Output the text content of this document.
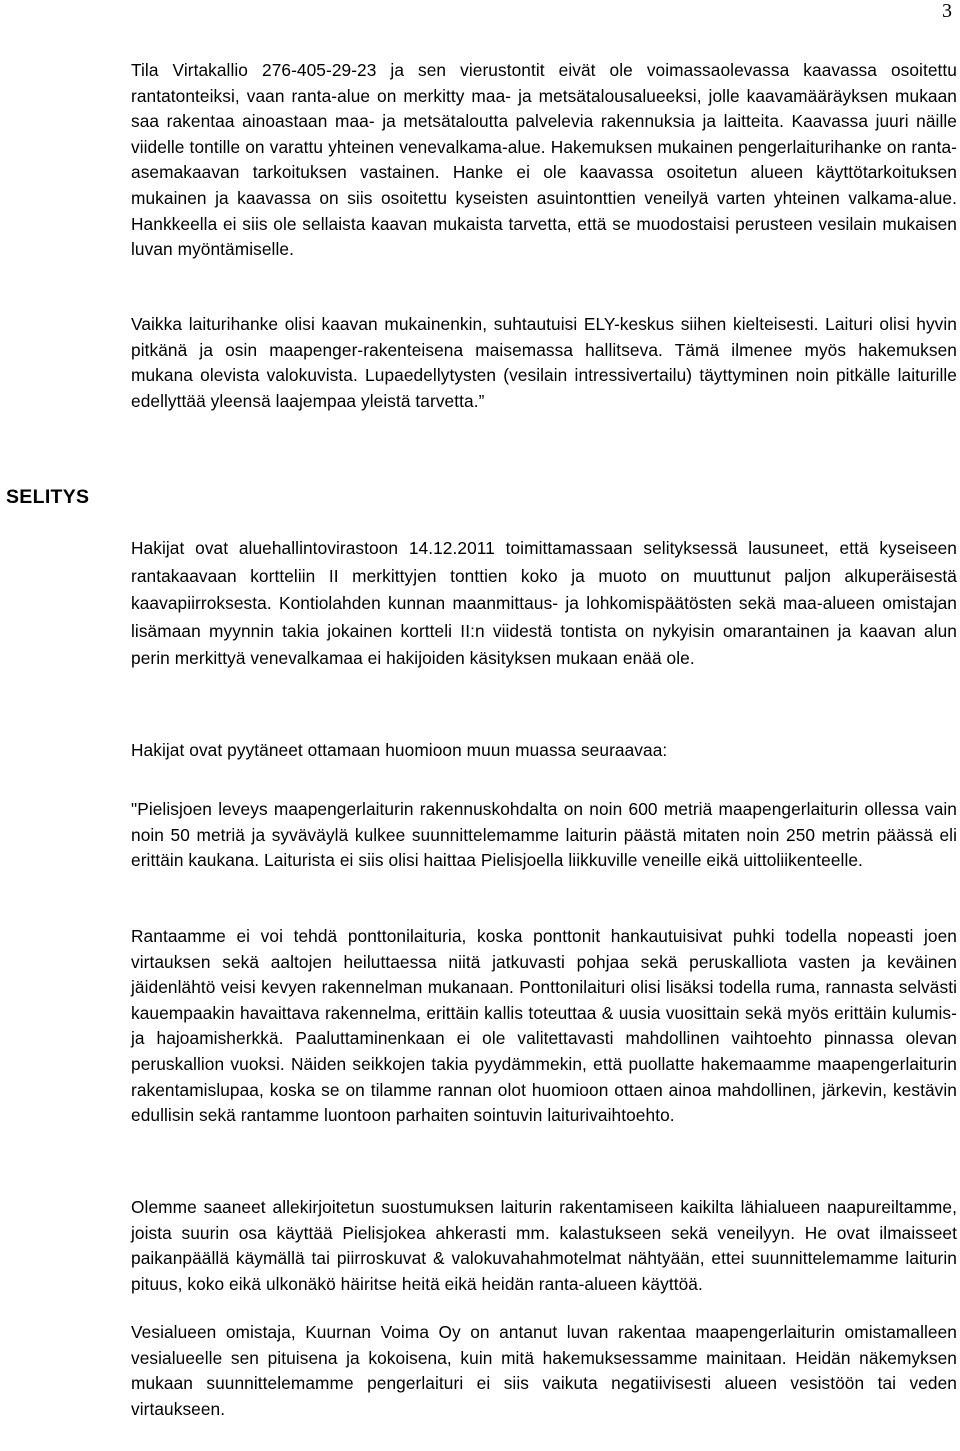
3

Tila Virtakallio 276-405-29-23 ja sen vierustontit eivät ole voimassaolevassa kaavassa osoitettu rantatonteiksi, vaan ranta-alue on merkitty maa- ja metsätalousalueeksi, jolle kaavamääräyksen mukaan saa rakentaa ainoastaan maa- ja metsätaloutta palvelevia rakennuksia ja laitteita. Kaavassa juuri näille viidelle tontille on varattu yhteinen venevalkama-alue. Hakemuksen mukainen pengerlaiturihanke on ranta-asemakaavan tarkoituksen vastainen. Hanke ei ole kaavassa osoitetun alueen käyttötarkoituksen mukainen ja kaavassa on siis osoitettu kyseisten asuintonttien veneilyä varten yhteinen valkama-alue. Hankkeella ei siis ole sellaista kaavan mukaista tarvetta, että se muodostaisi perusteen vesilain mukaisen luvan myöntämiselle.

Vaikka laiturihanke olisi kaavan mukainenkin, suhtautuisi ELY-keskus siihen kielteisesti. Laituri olisi hyvin pitkänä ja osin maapenger-rakenteisena maisemassa hallitseva. Tämä ilmenee myös hakemuksen mukana olevista valokuvista. Lupaedellytysten (vesilain intressivertailu) täyttyminen noin pitkälle laiturille edellyttää yleensä laajempaa yleistä tarvetta.”

SELITYS

Hakijat ovat aluehallintovirastoon 14.12.2011 toimittamassaan selityksessä lausuneet, että kyseiseen rantakaavaan kortteliin II merkittyjen tonttien koko ja muoto on muuttunut paljon alkuperäisestä kaavapiirroksesta. Kontiolahden kunnan maanmittaus- ja lohkomispäätösten sekä maa-alueen omistajan lisämaan myynnin takia jokainen kortteli II:n viidestä tontista on nykyisin omarantainen ja kaavan alun perin merkittyä venevalkamaa ei hakijoiden käsityksen mukaan enää ole.

Hakijat ovat pyytäneet ottamaan huomioon muun muassa seuraavaa:

"Pielisjoen leveys maapengerlaiturin rakennuskohdalta on noin 600 metriä maapengerlaiturin ollessa vain noin 50 metriä ja syväväylä kulkee suunnittelemamme laiturin päästä mitaten noin 250 metrin päässä eli erittäin kaukana. Laiturista ei siis olisi haittaa Pielisjoella liikkuville veneille eikä uittoliikenteelle.

Rantaamme ei voi tehdä ponttonilaituria, koska ponttonit hankautuisivat puhki todella nopeasti joen virtauksen sekä aaltojen heiluttaessa niitä jatkuvasti pohjaa sekä peruskalliota vasten ja keväinen jäidenlähtö veisi kevyen rakennelman mukanaan. Ponttonilaituri olisi lisäksi todella ruma, rannasta selvästi kauempaakin havaittava rakennelma, erittäin kallis toteuttaa & uusia vuosittain sekä myös erittäin kulumis- ja hajoamisherkkä. Paaluttaminenkaan ei ole valitettavasti mahdollinen vaihtoehto pinnassa olevan peruskallion vuoksi. Näiden seikkojen takia pyydämmekin, että puollatte hakemaamme maapengerlaiturin rakentamislupaa, koska se on tilamme rannan olot huomioon ottaen ainoa mahdollinen, järkevin, kestävin edullisin sekä rantamme luontoon parhaiten sointuvin laiturivaihtoehto.

Olemme saaneet allekirjoitetun suostumuksen laiturin rakentamiseen kaikilta lähialueen naapureiltamme, joista suurin osa käyttää Pielisjokea ahkerasti mm. kalastukseen sekä veneilyyn. He ovat ilmaisseet paikanpäällä käymällä tai piirroskuvat & valokuvahahmotelmat nähtyään, ettei suunnittelemamme laiturin pituus, koko eikä ulkonäkö häiritse heitä eikä heidän ranta-alueen käyttöä.

Vesialueen omistaja, Kuurnan Voima Oy on antanut luvan rakentaa maapengerlaiturin omistamalleen vesialueelle sen pituisena ja kokoisena, kuin mitä hakemuksessamme mainitaan. Heidän näkemyksen mukaan suunnittelemamme pengerlaituri ei siis vaikuta negatiivisesti alueen vesistöön tai veden virtaukseen.
